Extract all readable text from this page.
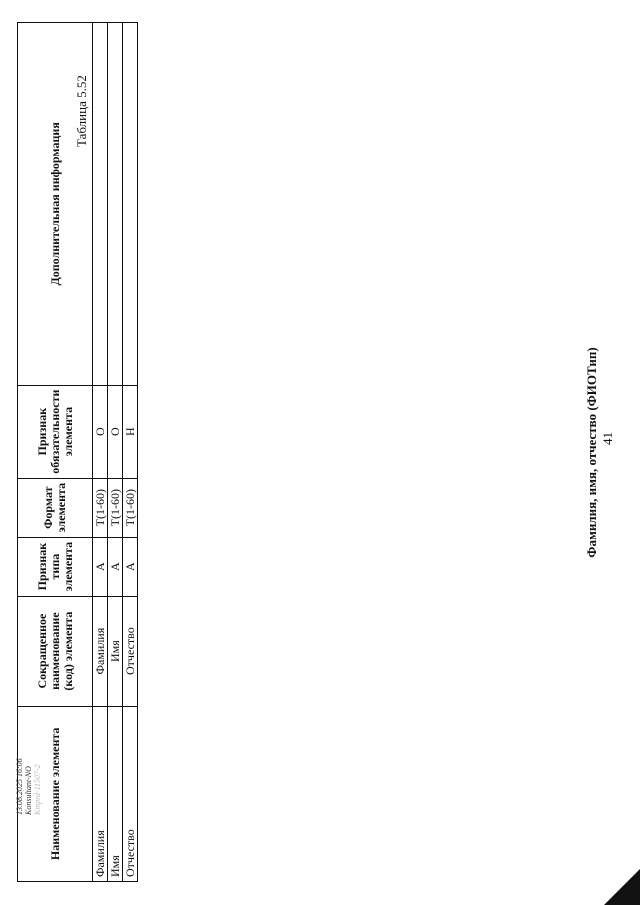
41
Таблица 5.52
Фамилия, имя, отчество (ФИОТип)
Наименование элемента	Сокращенное наименование (код) элемента	Признак типа элемента	Формат элемента	Признак обязательности элемента	Дополнительная информация
Фамилия	Фамилия	А	T(1-60)	О	
Имя	Имя	А	T(1-60)	О	
Отчество	Отчество	А	T(1-60)	Н	
13.08.2025 16:06 Konsultant-NO Kmprd-11507-2
